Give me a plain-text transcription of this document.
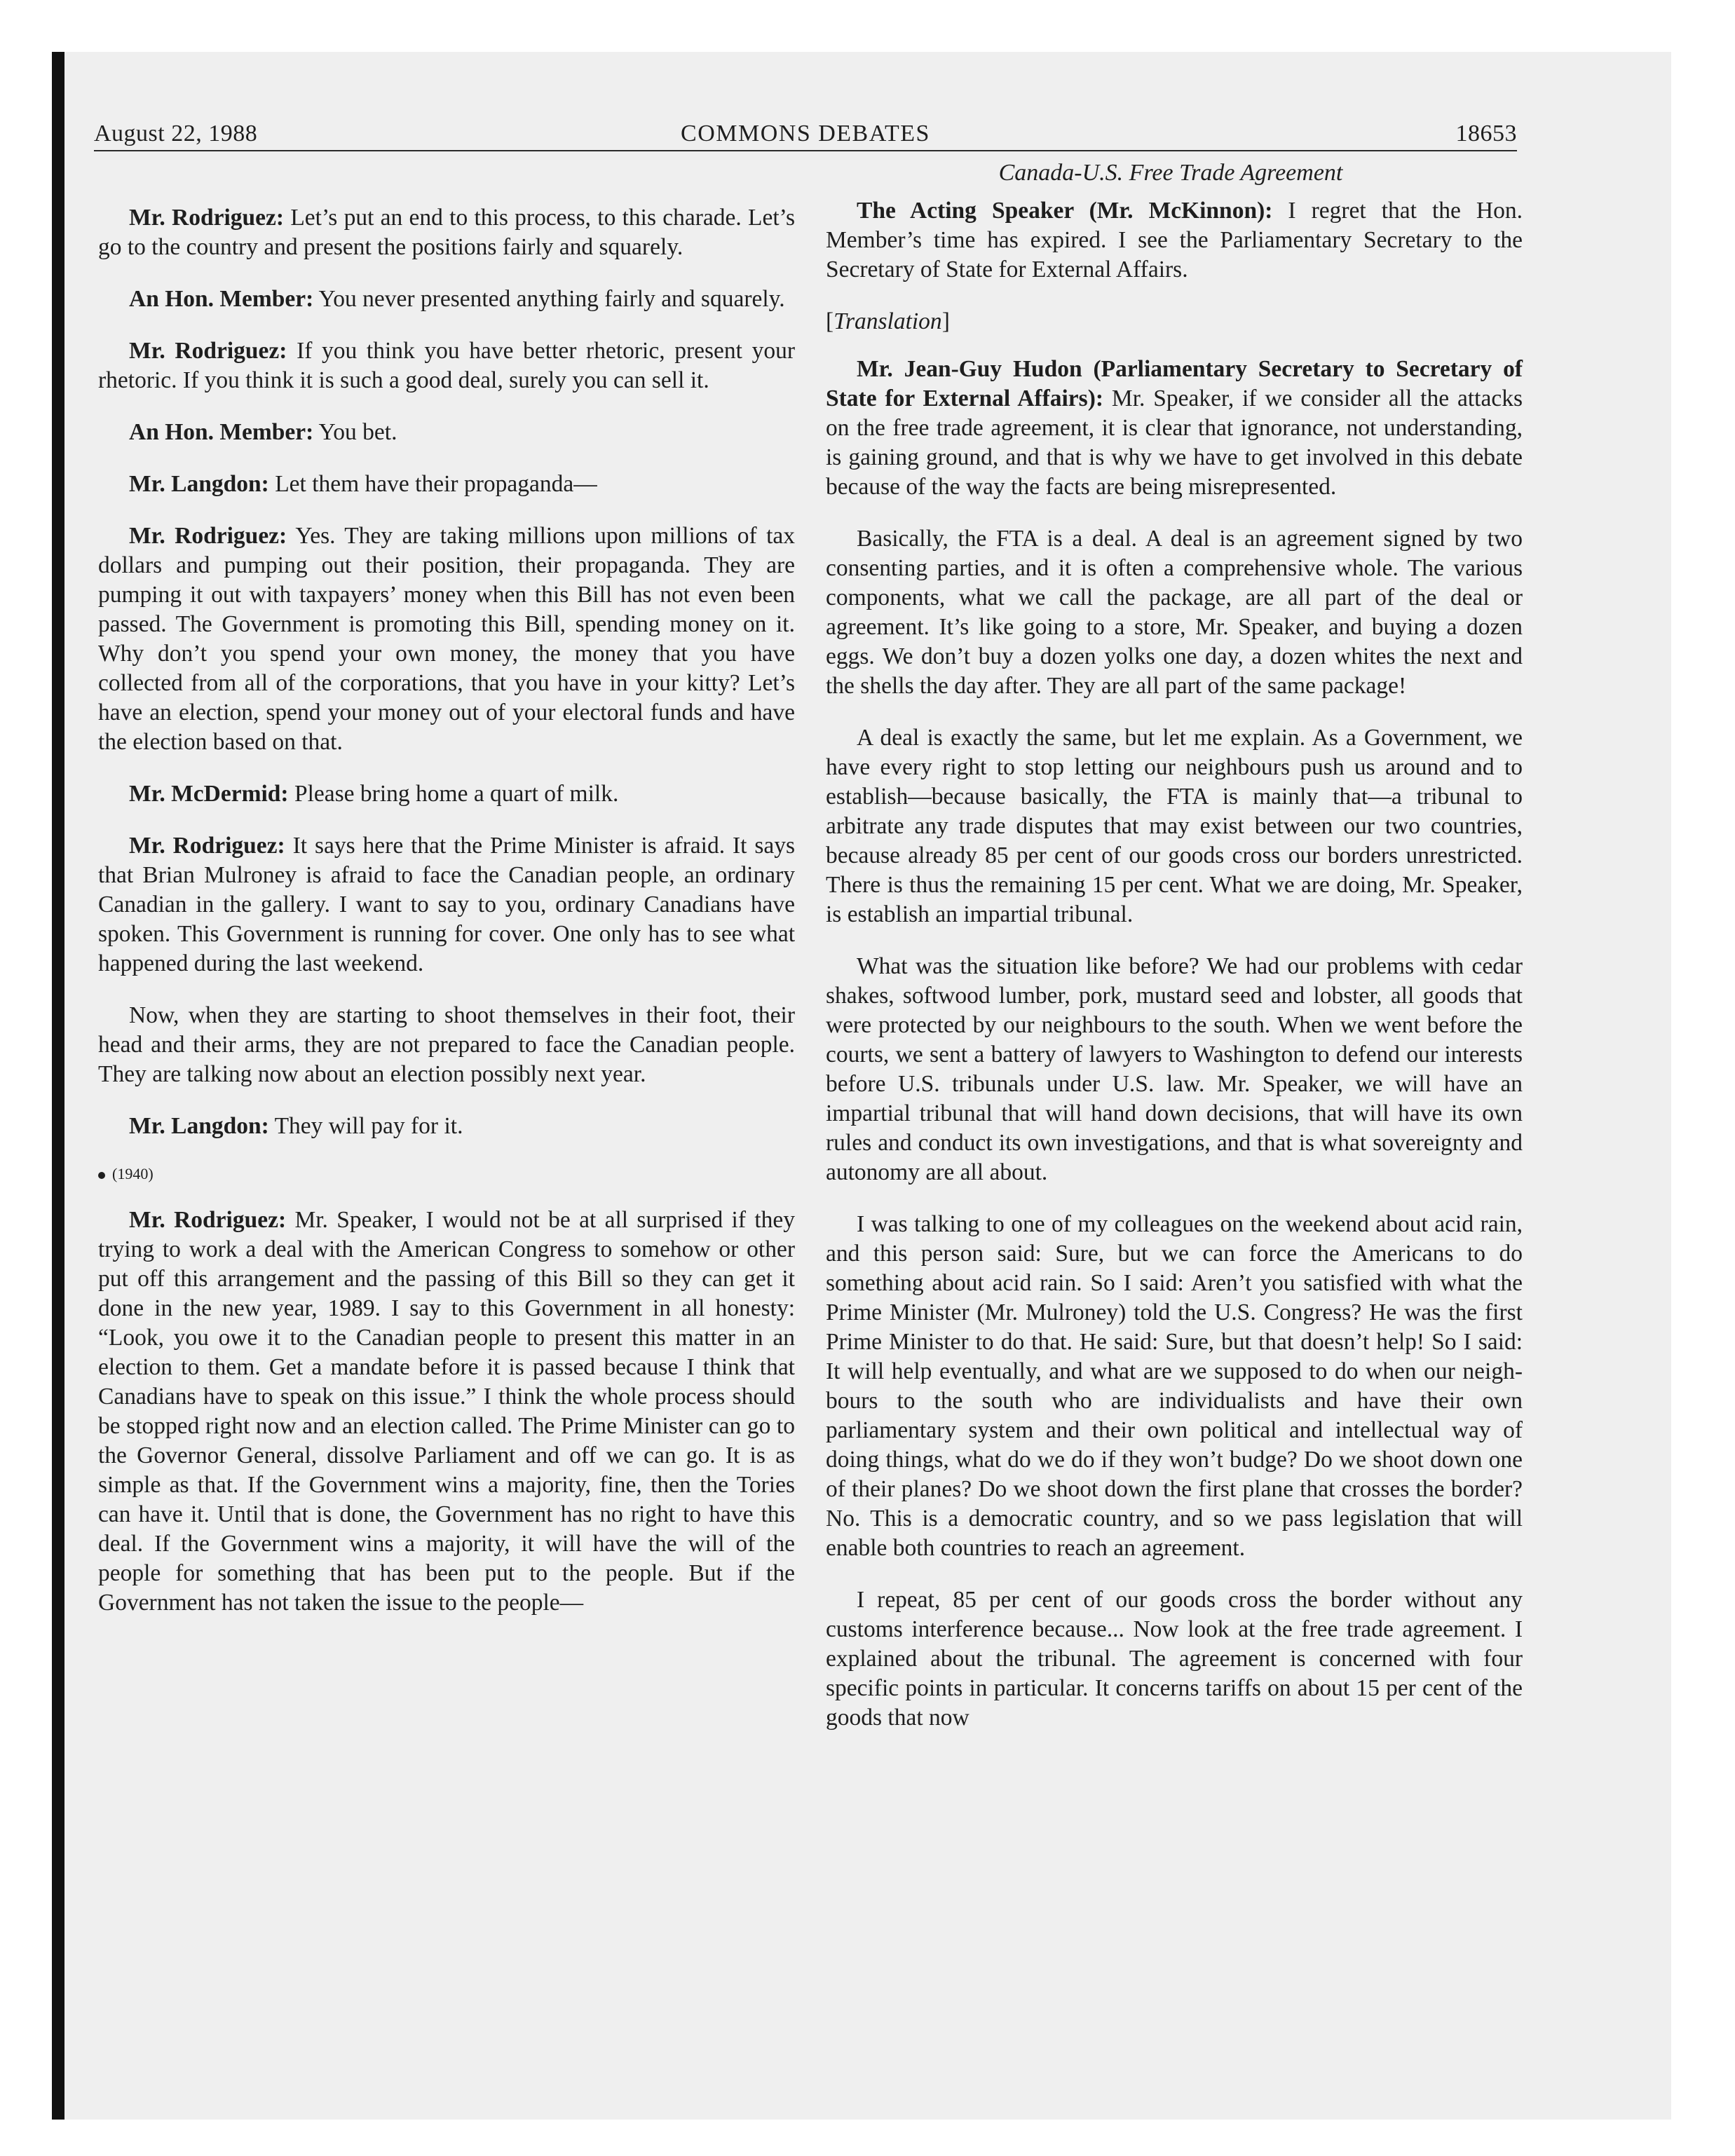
August 22, 1988	COMMONS DEBATES	18653
Canada-U.S. Free Trade Agreement

Mr. Rodriguez: Let’s put an end to this process, to this charade. Let’s go to the country and present the positions fairly and squarely.

An Hon. Member: You never presented anything fairly and squarely.

Mr. Rodriguez: If you think you have better rhetoric, present your rhetoric. If you think it is such a good deal, surely you can sell it.

An Hon. Member: You bet.

Mr. Langdon: Let them have their propaganda—

Mr. Rodriguez: Yes. They are taking millions upon millions of tax dollars and pumping out their position, their propaganda. They are pumping it out with taxpayers’ money when this Bill has not even been passed. The Government is promoting this Bill, spending money on it. Why don’t you spend your own money, the money that you have collected from all of the corporations, that you have in your kitty? Let’s have an election, spend your money out of your electoral funds and have the election based on that.

Mr. McDermid: Please bring home a quart of milk.

Mr. Rodriguez: It says here that the Prime Minister is afraid. It says that Brian Mulroney is afraid to face the Canadian people, an ordinary Canadian in the gallery. I want to say to you, ordinary Canadians have spoken. This Government is running for cover. One only has to see what happened during the last weekend.

Now, when they are starting to shoot themselves in their foot, their head and their arms, they are not prepared to face the Canadian people. They are talking now about an election possibly next year.

Mr. Langdon: They will pay for it.

(1940)

Mr. Rodriguez: Mr. Speaker, I would not be at all surprised if they trying to work a deal with the American Congress to somehow or other put off this arrangement and the passing of this Bill so they can get it done in the new year, 1989. I say to this Government in all honesty: “Look, you owe it to the Canadian people to present this matter in an election to them. Get a mandate before it is passed because I think that Canadians have to speak on this issue.” I think the whole process should be stopped right now and an election called. The Prime Minister can go to the Governor General, dissolve Parliament and off we can go. It is as simple as that. If the Government wins a majority, fine, then the Tories can have it. Until that is done, the Government has no right to have this deal. If the Government wins a majority, it will have the will of the people for something that has been put to the people. But if the Government has not taken the issue to the people—

The Acting Speaker (Mr. McKinnon): I regret that the Hon. Member’s time has expired. I see the Parliamentary Secretary to the Secretary of State for External Affairs.

[Translation]

Mr. Jean-Guy Hudon (Parliamentary Secretary to Secretary of State for External Affairs): Mr. Speaker, if we consider all the attacks on the free trade agreement, it is clear that ignorance, not understanding, is gaining ground, and that is why we have to get involved in this debate because of the way the facts are being misrepresented.

Basically, the FTA is a deal. A deal is an agreement signed by two consenting parties, and it is often a comprehensive whole. The various components, what we call the package, are all part of the deal or agreement. It’s like going to a store, Mr. Speaker, and buying a dozen eggs. We don’t buy a dozen yolks one day, a dozen whites the next and the shells the day after. They are all part of the same package!

A deal is exactly the same, but let me explain. As a Government, we have every right to stop letting our neighbours push us around and to establish—because basically, the FTA is mainly that—a tribunal to arbitrate any trade disputes that may exist between our two countries, because already 85 per cent of our goods cross our borders unrestricted. There is thus the remaining 15 per cent. What we are doing, Mr. Speaker, is establish an impartial tribunal.

What was the situation like before? We had our problems with cedar shakes, softwood lumber, pork, mustard seed and lobster, all goods that were protected by our neighbours to the south. When we went before the courts, we sent a battery of lawyers to Washington to defend our interests before U.S. tribunals under U.S. law. Mr. Speaker, we will have an impartial tribunal that will hand down decisions, that will have its own rules and conduct its own investigations, and that is what sovereignty and autonomy are all about.

I was talking to one of my colleagues on the weekend about acid rain, and this person said: Sure, but we can force the Americans to do something about acid rain. So I said: Aren’t you satisfied with what the Prime Minister (Mr. Mulroney) told the U.S. Congress? He was the first Prime Minister to do that. He said: Sure, but that doesn’t help! So I said: It will help eventually, and what are we supposed to do when our neighbours to the south who are individualists and have their own parliamentary system and their own political and intellectual way of doing things, what do we do if they won’t budge? Do we shoot down one of their planes? Do we shoot down the first plane that crosses the border? No. This is a democratic country, and so we pass legislation that will enable both countries to reach an agreement.

I repeat, 85 per cent of our goods cross the border without any customs interference because... Now look at the free trade agreement. I explained about the tribunal. The agreement is concerned with four specific points in particular. It concerns tariffs on about 15 per cent of the goods that now
